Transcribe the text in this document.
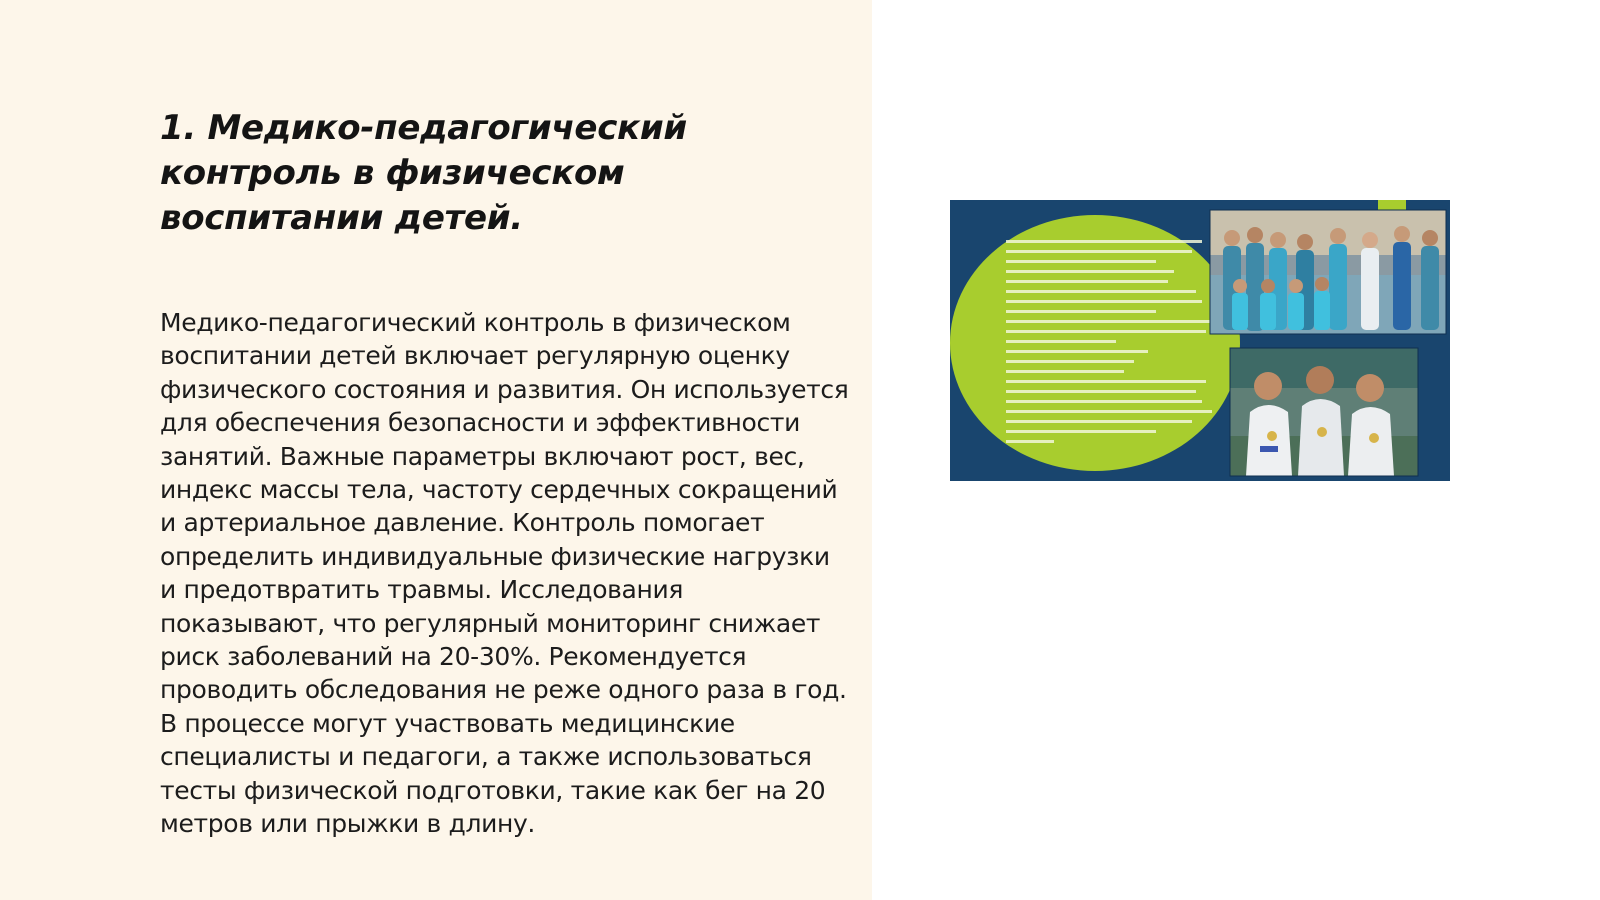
1. Медико-педагогический контроль в физическом воспитании детей.

Медико-педагогический контроль в физическом воспитании детей включает регулярную оценку физического состояния и развития. Он используется для обеспечения безопасности и эффективности занятий. Важные параметры включают рост, вес, индекс массы тела, частоту сердечных сокращений и артериальное давление. Контроль помогает определить индивидуальные физические нагрузки и предотвратить травмы. Исследования показывают, что регулярный мониторинг снижает риск заболеваний на 20-30%. Рекомендуется проводить обследования не реже одного раза в год. В процессе могут участвовать медицинские специалисты и педагоги, а также использоваться тесты физической подготовки, такие как бег на 20 метров или прыжки в длину.
